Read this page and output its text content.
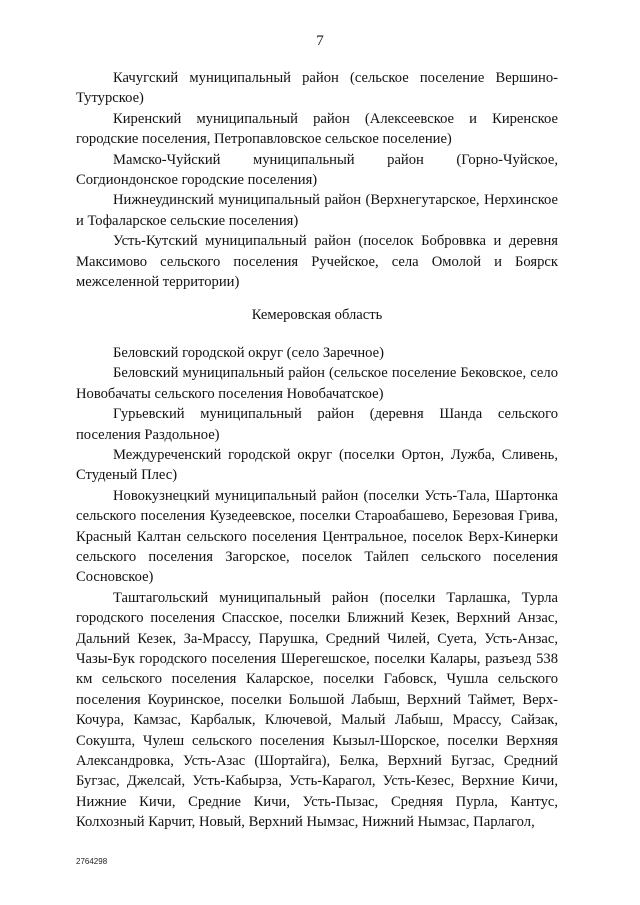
7

Качугский муниципальный район (сельское поселение Вершино-Тутурское)

Киренский муниципальный район (Алексеевское и Киренское городские поселения, Петропавловское сельское поселение)

Мамско-Чуйский муниципальный район (Горно-Чуйское, Согдиондонское городские поселения)

Нижнеудинский муниципальный район (Верхнегутарское, Нерхинское и Тофаларское сельские поселения)

Усть-Кутский муниципальный район (поселок Боброввка и деревня Максимово сельского поселения Ручейское, села Омолой и Боярск межселенной территории)

Кемеровская область

Беловский городской округ (село Заречное)

Беловский муниципальный район (сельское поселение Бековское, село Новобачаты сельского поселения Новобачатское)

Гурьевский муниципальный район (деревня Шанда сельского поселения Раздольное)

Междуреченский городской округ (поселки Ортон, Лужба, Сливень, Студеный Плес)

Новокузнецкий муниципальный район (поселки Усть-Тала, Шартонка сельского поселения Кузедеевское, поселки Староабашево, Березовая Грива, Красный Калтан сельского поселения Центральное, поселок Верх-Кинерки сельского поселения Загорское, поселок Тайлеп сельского поселения Сосновское)

Таштагольский муниципальный район (поселки Тарлашка, Турла городского поселения Спасское, поселки Ближний Кезек, Верхний Анзас, Дальний Кезек, За-Мрассу, Парушка, Средний Чилей, Суета, Усть-Анзас, Чазы-Бук городского поселения Шерегешское, поселки Калары, разъезд 538 км сельского поселения Каларское, поселки Габовск, Чушла сельского поселения Коуринское, поселки Большой Лабыш, Верхний Таймет, Верх-Кочура, Камзас, Карбалык, Ключевой, Малый Лабыш, Мрассу, Сайзак, Сокушта, Чулеш сельского поселения Кызыл-Шорское, поселки Верхняя Александровка, Усть-Азас (Шортайга), Белка, Верхний Бугзас, Средний Бугзас, Джелсай, Усть-Кабырза, Усть-Карагол, Усть-Кезес, Верхние Кичи, Нижние Кичи, Средние Кичи, Усть-Пызас, Средняя Пурла, Кантус, Колхозный Карчит, Новый, Верхний Нымзас, Нижний Нымзас, Парлагол,

2764298
